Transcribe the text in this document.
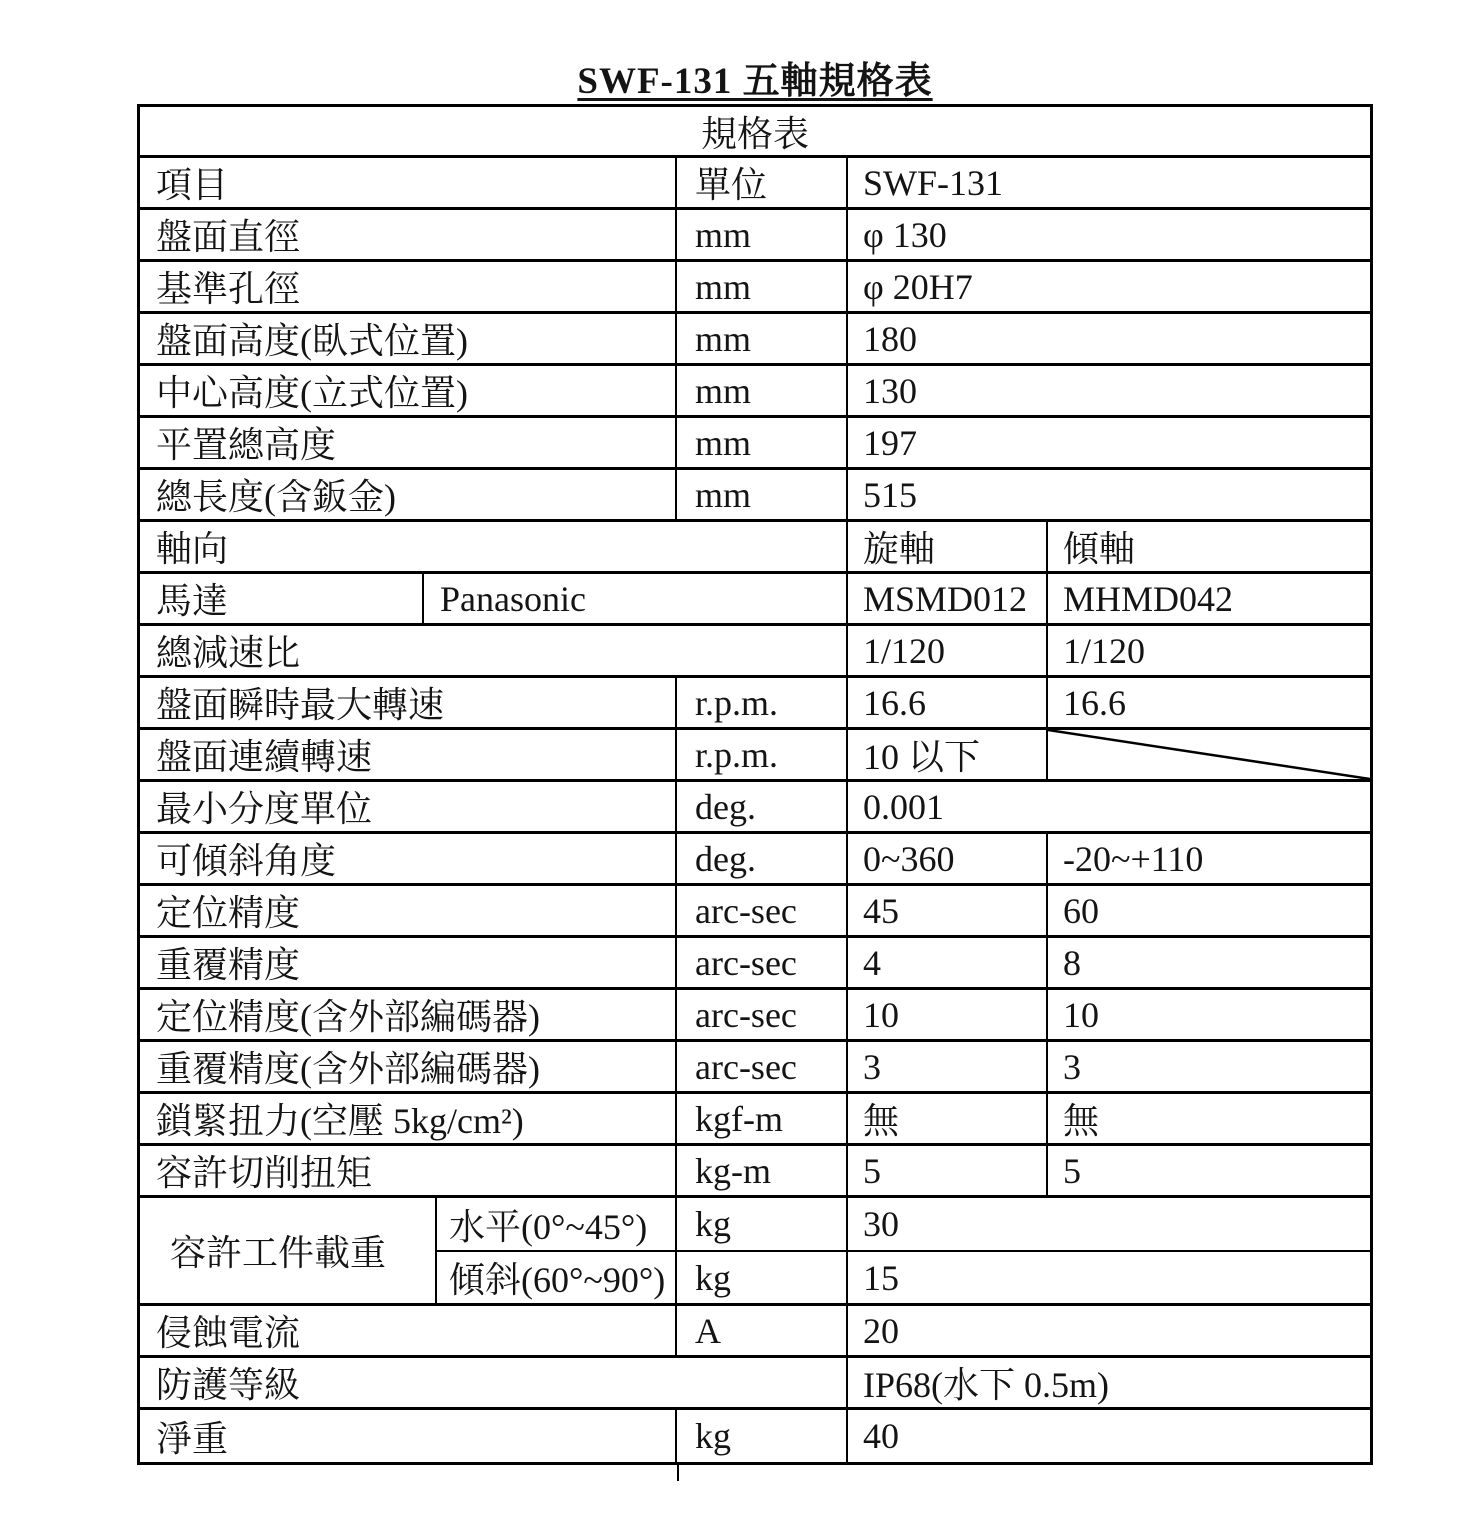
SWF-131 五軸規格表
規格表
項目	單位	SWF-131
盤面直徑	mm	φ 130
基準孔徑	mm	φ 20H7
盤面高度(臥式位置)	mm	180
中心高度(立式位置)	mm	130
平置總高度	mm	197
總長度(含鈑金)	mm	515
軸向	旋軸	傾軸
馬達	Panasonic	MSMD012 MHMD042
總減速比	1/120	1/120
盤面瞬時最大轉速	r.p.m.	16.6	16.6
盤面連續轉速	r.p.m.	10 以下
最小分度單位	deg.	0.001
可傾斜角度	deg.	0~360	-20~+110
定位精度	arc-sec	45	60
重覆精度	arc-sec	4	8
定位精度(含外部編碼器)	arc-sec	10	10
重覆精度(含外部編碼器)	arc-sec	3	3
鎖緊扭力(空壓 5kg/cm²)	kgf-m	無	無
容許切削扭矩	kg-m	5	5
容許工件載重
水平(0°~45°)	kg	30
傾斜(60°~90°) kg	15
侵蝕電流	A	20
防護等級	IP68(水下 0.5m)
淨重	kg	40
